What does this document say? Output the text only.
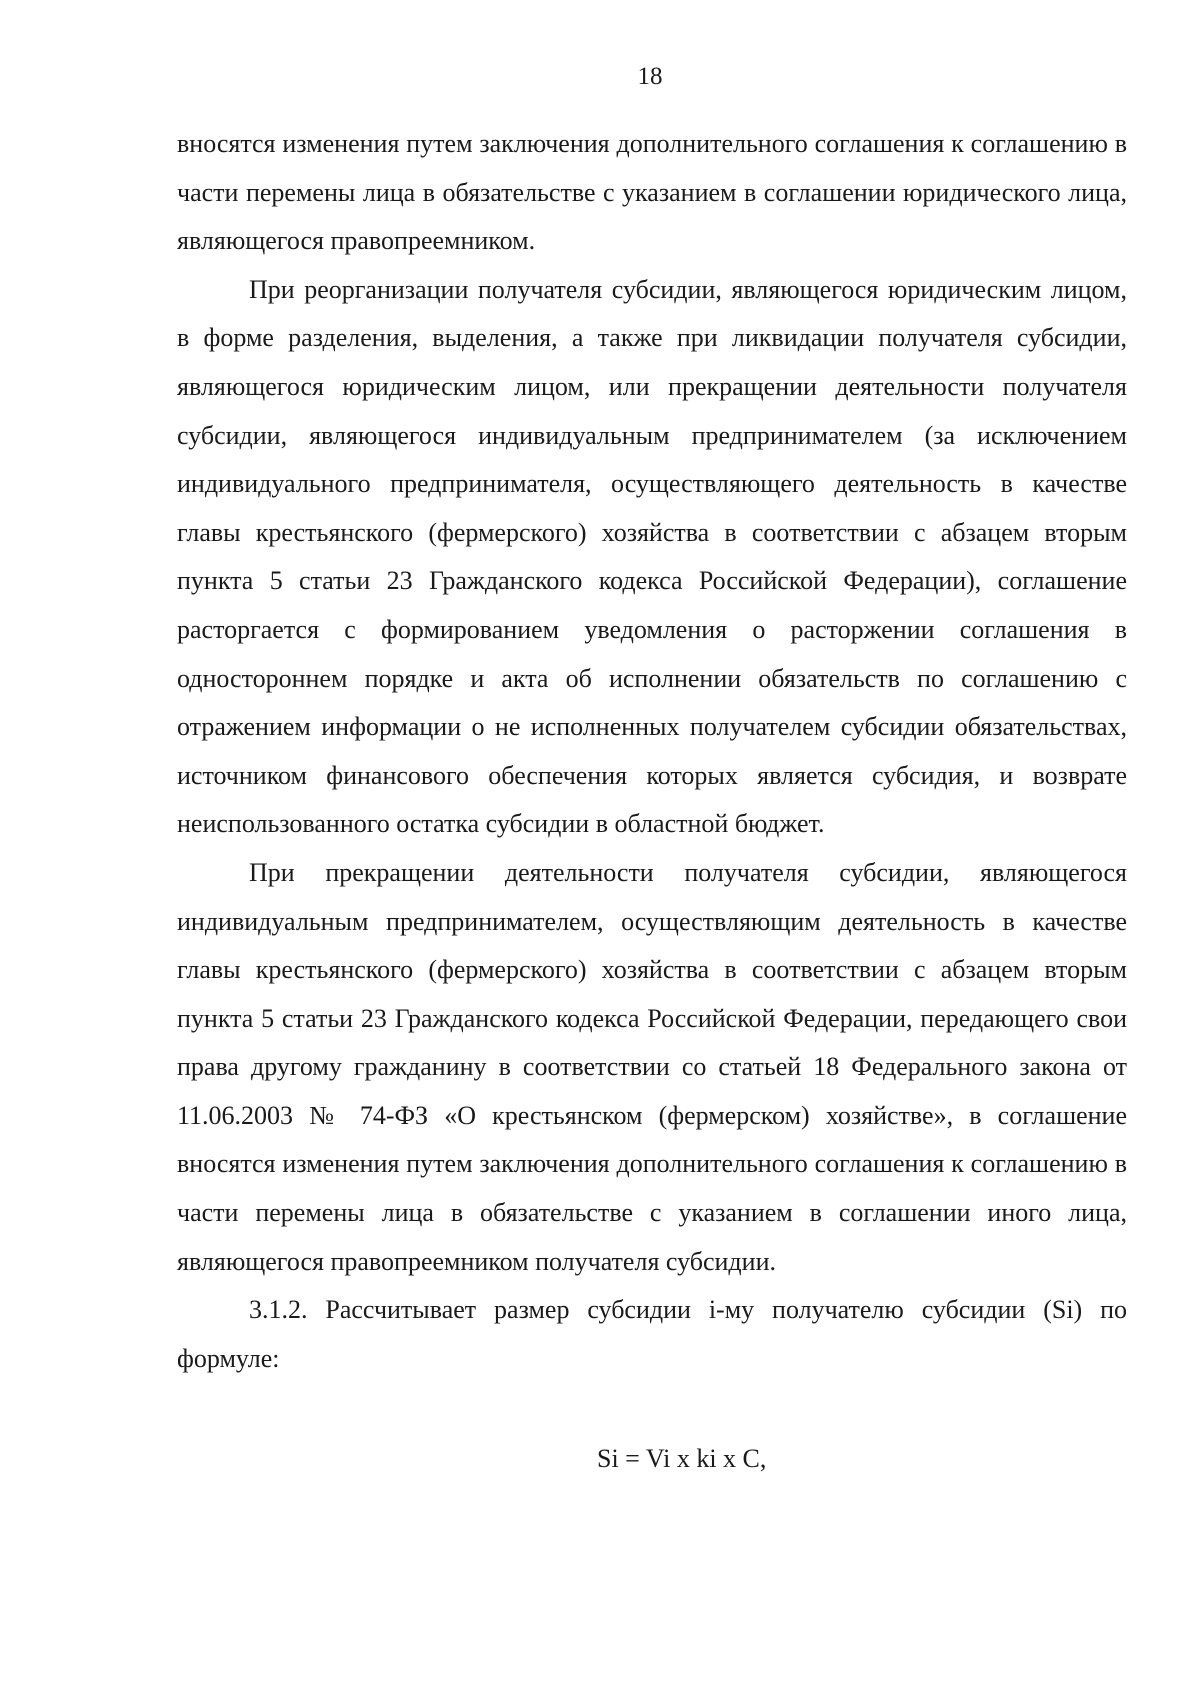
18

вносятся изменения путем заключения дополнительного соглашения к соглашению в части перемены лица в обязательстве с указанием в соглашении юридического лица, являющегося правопреемником.

При реорганизации получателя субсидии, являющегося юридическим лицом, в форме разделения, выделения, а также при ликвидации получателя субсидии, являющегося юридическим лицом, или прекращении деятельности получателя субсидии, являющегося индивидуальным предпринимателем (за исключением индивидуального предпринимателя, осуществляющего деятельность в качестве главы крестьянского (фермерского) хозяйства в соответствии с абзацем вторым пункта 5 статьи 23 Гражданского кодекса Российской Федерации), соглашение расторгается с формированием уведомления о расторжении соглашения в одностороннем порядке и акта об исполнении обязательств по соглашению с отражением информации о не исполненных получателем субсидии обязательствах, источником финансового обеспечения которых является субсидия, и возврате неиспользованного остатка субсидии в областной бюджет.

При прекращении деятельности получателя субсидии, являющегося индивидуальным предпринимателем, осуществляющим деятельность в качестве главы крестьянского (фермерского) хозяйства в соответствии с абзацем вторым пункта 5 статьи 23 Гражданского кодекса Российской Федерации, передающего свои права другому гражданину в соответствии со статьей 18 Федерального закона от 11.06.2003 № 74-ФЗ «О крестьянском (фермерском) хозяйстве», в соглашение вносятся изменения путем заключения дополнительного соглашения к соглашению в части перемены лица в обязательстве с указанием в соглашении иного лица, являющегося правопреемником получателя субсидии.

3.1.2. Рассчитывает размер субсидии i-му получателю субсидии (Si) по формуле:

Si = Vi x ki x C,
